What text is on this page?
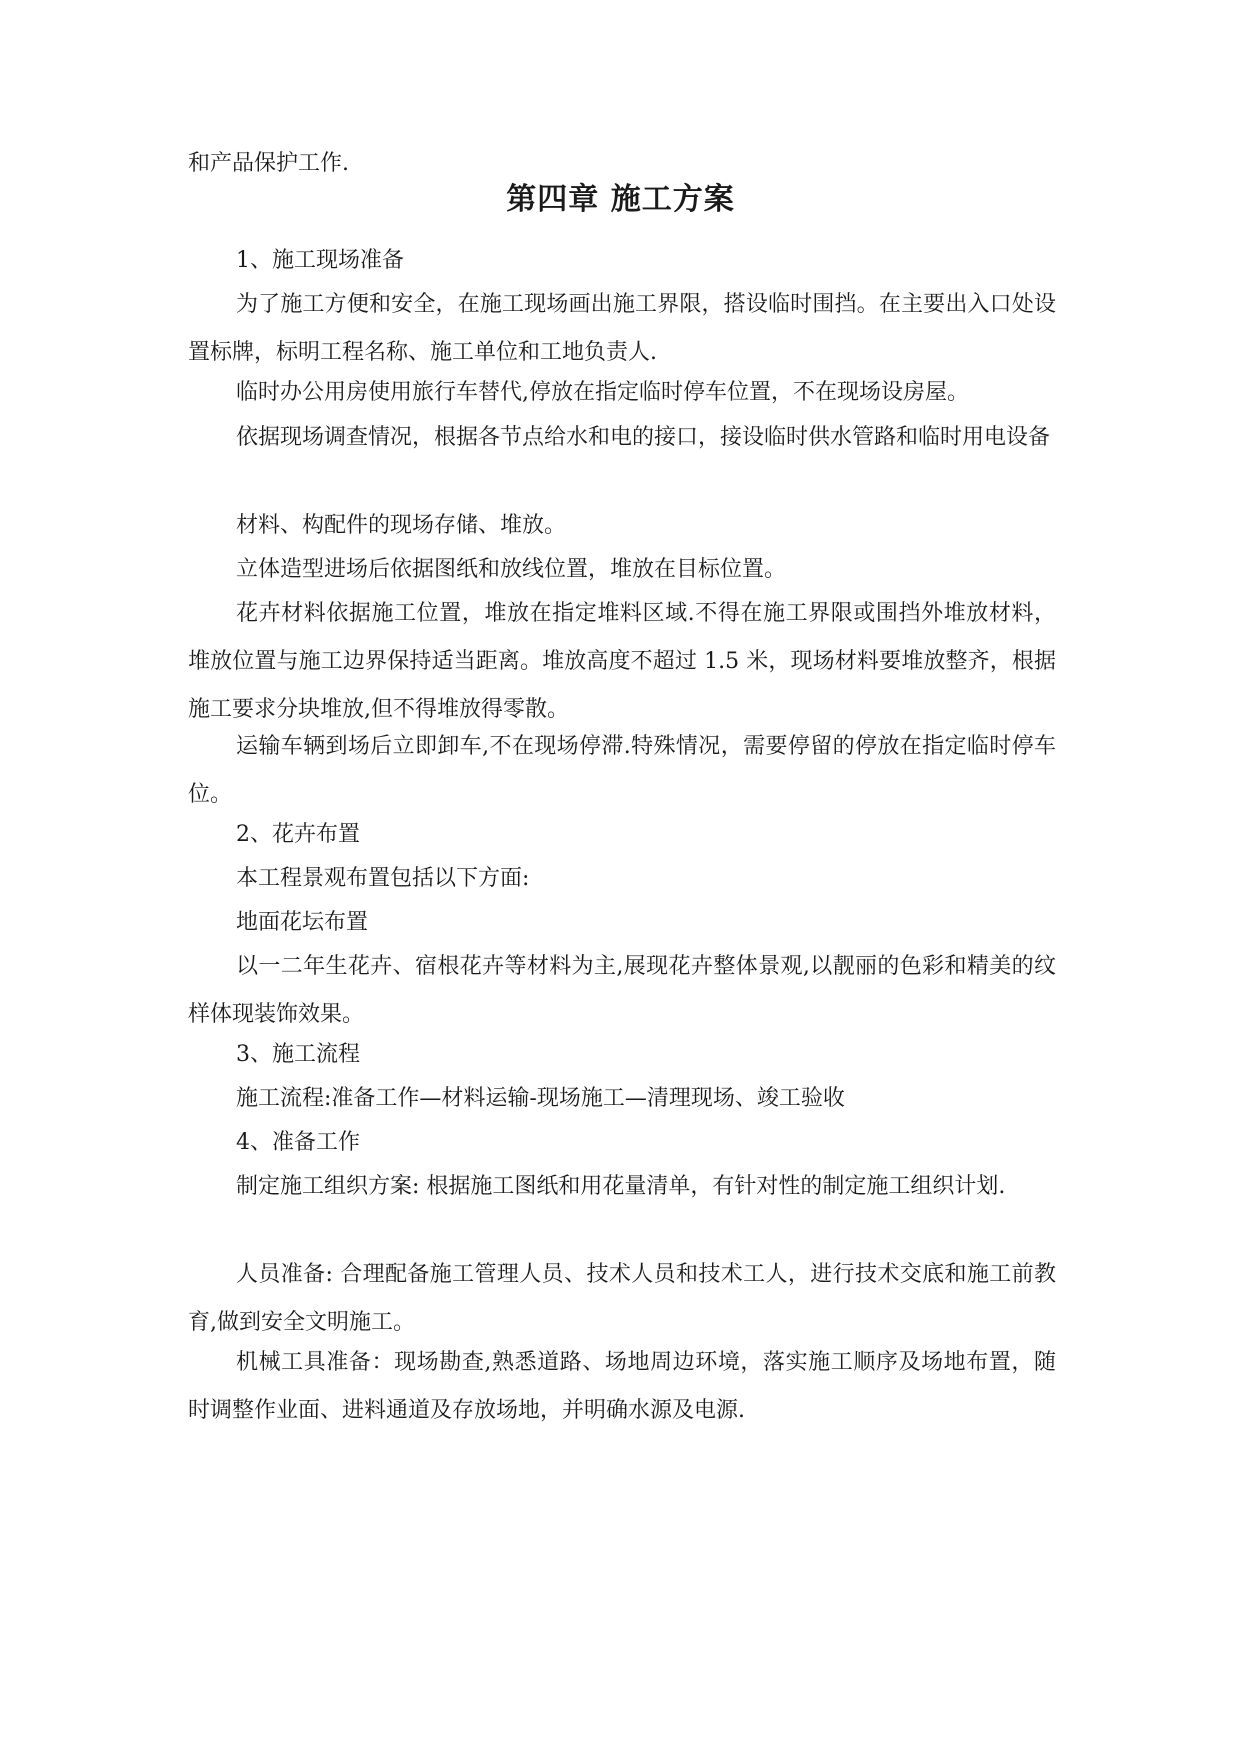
和产品保护工作.

第四章 施工方案

1、施工现场准备

为了施工方便和安全，在施工现场画出施工界限，搭设临时围挡。在主要出入口处设置标牌，标明工程名称、施工单位和工地负责人.

临时办公用房使用旅行车替代,停放在指定临时停车位置，不在现场设房屋。

依据现场调查情况，根据各节点给水和电的接口，接设临时供水管路和临时用电设备

材料、构配件的现场存储、堆放。

立体造型进场后依据图纸和放线位置，堆放在目标位置。

花卉材料依据施工位置，堆放在指定堆料区域.不得在施工界限或围挡外堆放材料，堆放位置与施工边界保持适当距离。堆放高度不超过 1.5 米，现场材料要堆放整齐，根据施工要求分块堆放,但不得堆放得零散。

运输车辆到场后立即卸车,不在现场停滞.特殊情况，需要停留的停放在指定临时停车位。

2、花卉布置

本工程景观布置包括以下方面:

地面花坛布置

以一二年生花卉、宿根花卉等材料为主,展现花卉整体景观,以靓丽的色彩和精美的纹样体现装饰效果。

3、施工流程

施工流程:准备工作—材料运输-现场施工—清理现场、竣工验收

4、准备工作

制定施工组织方案: 根据施工图纸和用花量清单，有针对性的制定施工组织计划.

人员准备: 合理配备施工管理人员、技术人员和技术工人，进行技术交底和施工前教育,做到安全文明施工。

机械工具准备：现场勘查,熟悉道路、场地周边环境，落实施工顺序及场地布置，随时调整作业面、进料通道及存放场地，并明确水源及电源.
